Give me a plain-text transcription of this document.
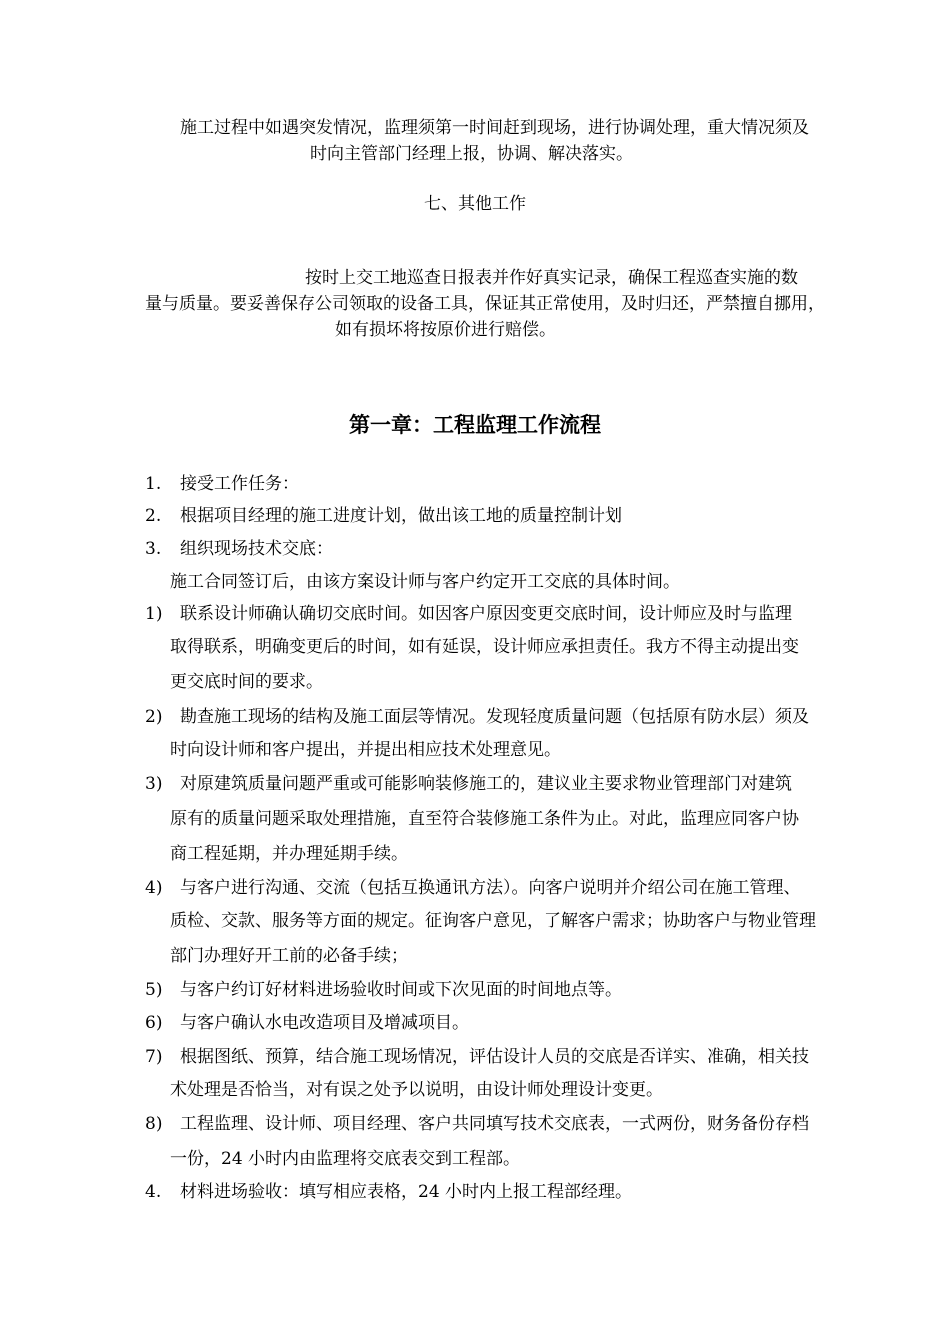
施工过程中如遇突发情况，监理须第一时间赶到现场，进行协调处理，重大情况须及
时向主管部门经理上报，协调、解决落实。
七、其他工作
按时上交工地巡查日报表并作好真实记录，确保工程巡查实施的数
量与质量。要妥善保存公司领取的设备工具，保证其正常使用，及时归还，严禁擅自挪用，
如有损坏将按原价进行赔偿。
第一章：工程监理工作流程
1. 接受工作任务：
2. 根据项目经理的施工进度计划，做出该工地的质量控制计划
3. 组织现场技术交底：
施工合同签订后，由该方案设计师与客户约定开工交底的具体时间。
1) 联系设计师确认确切交底时间。如因客户原因变更交底时间，设计师应及时与监理
取得联系，明确变更后的时间，如有延误，设计师应承担责任。我方不得主动提出变
更交底时间的要求。
2) 勘查施工现场的结构及施工面层等情况。发现轻度质量问题（包括原有防水层）须及
时向设计师和客户提出，并提出相应技术处理意见。
3) 对原建筑质量问题严重或可能影响装修施工的，建议业主要求物业管理部门对建筑
原有的质量问题采取处理措施，直至符合装修施工条件为止。对此，监理应同客户协
商工程延期，并办理延期手续。
4) 与客户进行沟通、交流（包括互换通讯方法）。向客户说明并介绍公司在施工管理、
质检、交款、服务等方面的规定。征询客户意见，了解客户需求；协助客户与物业管理
部门办理好开工前的必备手续；
5) 与客户约订好材料进场验收时间或下次见面的时间地点等。
6) 与客户确认水电改造项目及增减项目。
7) 根据图纸、预算，结合施工现场情况，评估设计人员的交底是否详实、准确，相关技
术处理是否恰当，对有误之处予以说明，由设计师处理设计变更。
8) 工程监理、设计师、项目经理、客户共同填写技术交底表，一式两份，财务备份存档
一份，24 小时内由监理将交底表交到工程部。
4. 材料进场验收：填写相应表格，24 小时内上报工程部经理。
